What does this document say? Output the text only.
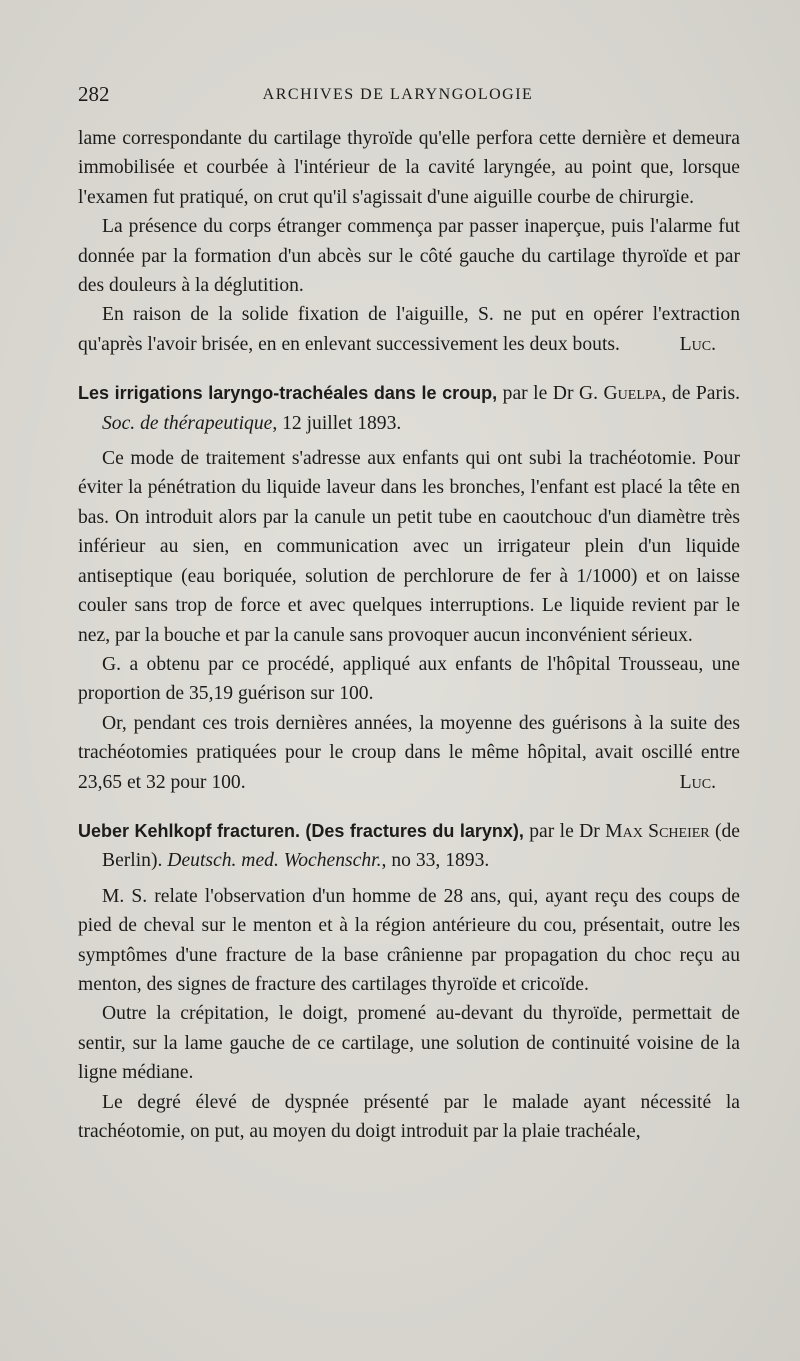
282	ARCHIVES DE LARYNGOLOGIE

lame correspondante du cartilage thyroïde qu'elle perfora cette dernière et demeura immobilisée et courbée à l'intérieur de la cavité laryngée, au point que, lorsque l'examen fut pratiqué, on crut qu'il s'agissait d'une aiguille courbe de chirurgie.

La présence du corps étranger commença par passer inaperçue, puis l'alarme fut donnée par la formation d'un abcès sur le côté gauche du cartilage thyroïde et par des douleurs à la déglutition.

En raison de la solide fixation de l'aiguille, S. ne put en opérer l'extraction qu'après l'avoir brisée, en en enlevant successivement les deux bouts.	Luc.

Les irrigations laryngo-trachéales dans le croup, par le Dr G. Guelpa, de Paris. Soc. de thérapeutique, 12 juillet 1893.

Ce mode de traitement s'adresse aux enfants qui ont subi la trachéotomie. Pour éviter la pénétration du liquide laveur dans les bronches, l'enfant est placé la tête en bas. On introduit alors par la canule un petit tube en caoutchouc d'un diamètre très inférieur au sien, en communication avec un irrigateur plein d'un liquide antiseptique (eau boriquée, solution de perchlorure de fer à 1/1000) et on laisse couler sans trop de force et avec quelques interruptions. Le liquide revient par le nez, par la bouche et par la canule sans provoquer aucun inconvénient sérieux.

G. a obtenu par ce procédé, appliqué aux enfants de l'hôpital Trousseau, une proportion de 35,19 guérison sur 100.

Or, pendant ces trois dernières années, la moyenne des guérisons à la suite des trachéotomies pratiquées pour le croup dans le même hôpital, avait oscillé entre 23,65 et 32 pour 100.	Luc.

Ueber Kehlkopf fracturen. (Des fractures du larynx), par le Dr Max Scheier (de Berlin). Deutsch. med. Wochenschr., no 33, 1893.

M. S. relate l'observation d'un homme de 28 ans, qui, ayant reçu des coups de pied de cheval sur le menton et à la région antérieure du cou, présentait, outre les symptômes d'une fracture de la base crânienne par propagation du choc reçu au menton, des signes de fracture des cartilages thyroïde et cricoïde.

Outre la crépitation, le doigt, promené au-devant du thyroïde, permettait de sentir, sur la lame gauche de ce cartilage, une solution de continuité voisine de la ligne médiane.

Le degré élevé de dyspnée présenté par le malade ayant nécessité la trachéotomie, on put, au moyen du doigt introduit par la plaie trachéale,
